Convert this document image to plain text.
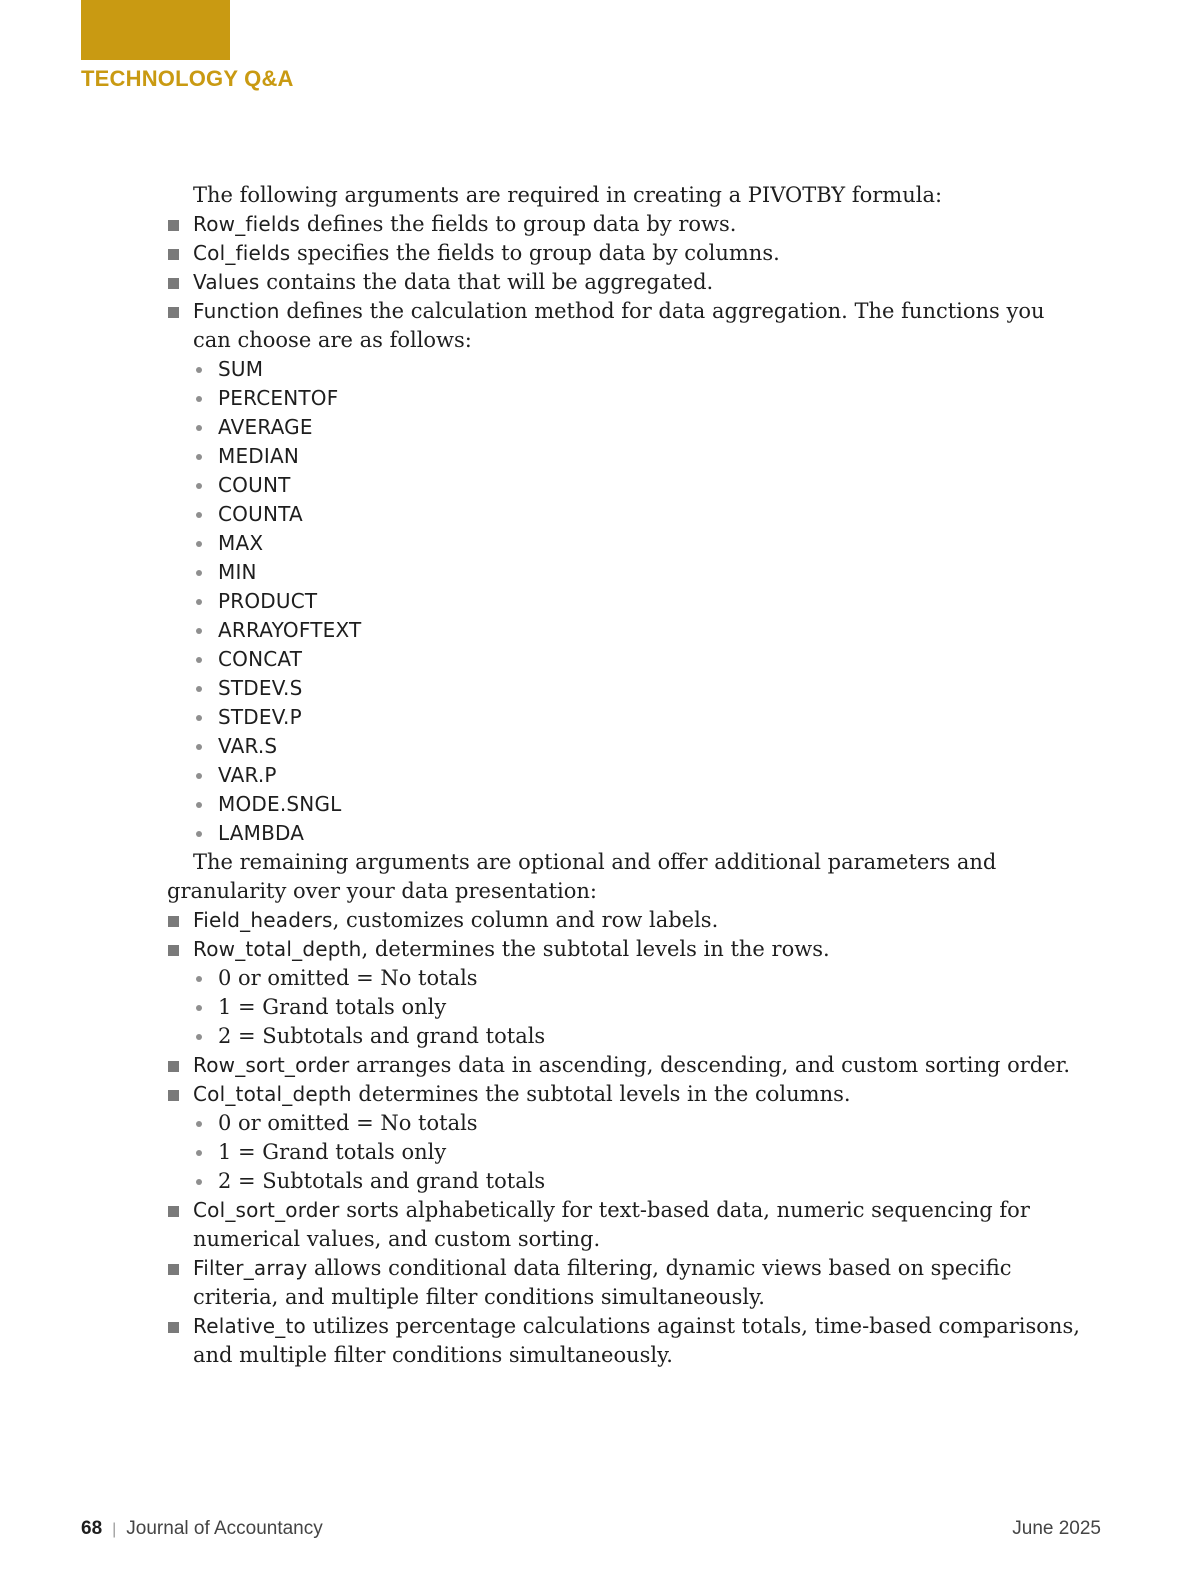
TECHNOLOGY Q&A

The following arguments are required in creating a PIVOTBY formula:

Row_fields defines the fields to group data by rows.

Col_fields specifies the fields to group data by columns.

Values contains the data that will be aggregated.

Function defines the calculation method for data aggregation. The functions you

can choose are as follows:

SUM

PERCENTOF

AVERAGE

MEDIAN

COUNT

COUNTA

MAX

MIN

PRODUCT

ARRAYOFTEXT

CONCAT

STDEV.S

STDEV.P

VAR.S

VAR.P

MODE.SNGL

LAMBDA

The remaining arguments are optional and offer additional parameters and

granularity over your data presentation:

Field_headers, customizes column and row labels.

Row_total_depth, determines the subtotal levels in the rows.

0 or omitted = No totals

1 = Grand totals only

2 = Subtotals and grand totals

Row_sort_order arranges data in ascending, descending, and custom sorting order.

Col_total_depth determines the subtotal levels in the columns.

0 or omitted = No totals

1 = Grand totals only

2 = Subtotals and grand totals

Col_sort_order sorts alphabetically for text-based data, numeric sequencing for

numerical values, and custom sorting.

Filter_array allows conditional data filtering, dynamic views based on specific

criteria, and multiple filter conditions simultaneously.

Relative_to utilizes percentage calculations against totals, time-based comparisons,

and multiple filter conditions simultaneously.

68 | Journal of Accountancy	June 2025
